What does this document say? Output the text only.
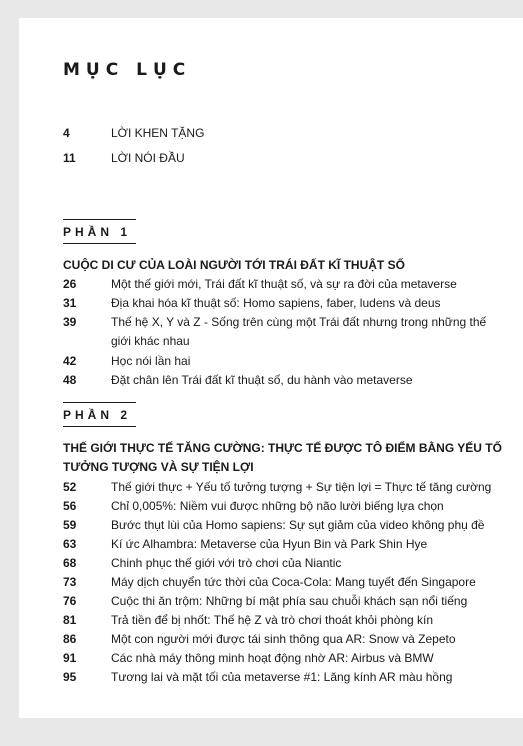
MỤC LỤC
4	LỜI KHEN TẶNG
11	LỜI NÓI ĐẦU
PHẦN 1
CUỘC DI CƯ CỦA LOÀI NGƯỜI TỚI TRÁI ĐẤT KĨ THUẬT SỐ
26	Một thế giới mới, Trái đất kĩ thuật số, và sự ra đời của metaverse
31	Địa khai hóa kĩ thuật số: Homo sapiens, faber, ludens và deus
39	Thế hệ X, Y và Z - Sống trên cùng một Trái đất nhưng trong những thế giới khác nhau
42	Học nói lần hai
48	Đặt chân lên Trái đất kĩ thuật số, du hành vào metaverse
PHẦN 2
THẾ GIỚI THỰC TẾ TĂNG CƯỜNG: THỰC TẾ ĐƯỢC TÔ ĐIỂM BẰNG YẾU TỐ TƯỞNG TƯỢNG VÀ SỰ TIỆN LỢI
52	Thế giới thực + Yếu tố tưởng tượng + Sự tiện lợi = Thực tế tăng cường
56	Chỉ 0,005%: Niềm vui được những bộ não lười biếng lựa chọn
59	Bước thụt lùi của Homo sapiens: Sự sụt giảm của video không phụ đề
63	Kí ức Alhambra: Metaverse của Hyun Bin và Park Shin Hye
68	Chinh phục thế giới với trò chơi của Niantic
73	Máy dịch chuyển tức thời của Coca-Cola: Mang tuyết đến Singapore
76	Cuộc thi ăn trộm: Những bí mật phía sau chuỗi khách sạn nổi tiếng
81	Trả tiền để bị nhốt: Thế hệ Z và trò chơi thoát khỏi phòng kín
86	Một con người mới được tái sinh thông qua AR: Snow và Zepeto
91	Các nhà máy thông minh hoạt động nhờ AR: Airbus và BMW
95	Tương lai và mặt tối của metaverse #1: Lăng kính AR màu hồng
